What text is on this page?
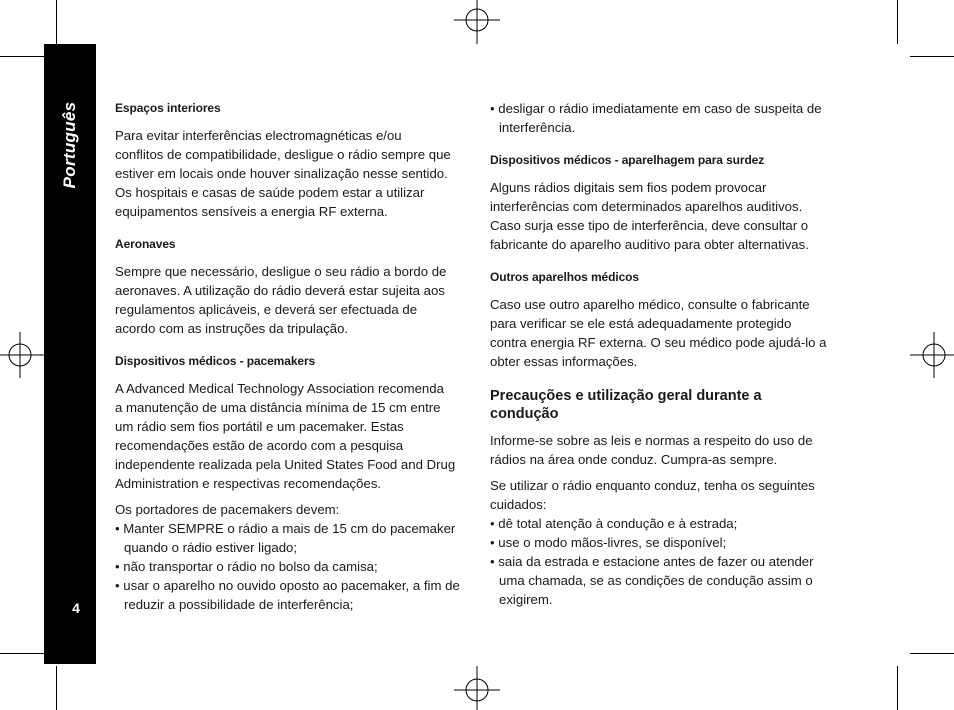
Português
4

Espaços interiores

Para evitar interferências electromagnéticas e/ou

conflitos de compatibilidade, desligue o rádio sempre que

estiver em locais onde houver sinalização nesse sentido.

Os hospitais e casas de saúde podem estar a utilizar

equipamentos sensíveis a energia RF externa.

Aeronaves

Sempre que necessário, desligue o seu rádio a bordo de

aeronaves. A utilização do rádio deverá estar sujeita aos

regulamentos aplicáveis, e deverá ser efectuada de

acordo com as instruções da tripulação.

Dispositivos médicos - pacemakers

A Advanced Medical Technology Association recomenda

a manutenção de uma distância mínima de 15 cm entre

um rádio sem fios portátil e um pacemaker. Estas

recomendações estão de acordo com a pesquisa

independente realizada pela United States Food and Drug

Administration e respectivas recomendações.

Os portadores de pacemakers devem:

• Manter SEMPRE o rádio a mais de 15 cm do pacemaker
quando o rádio estiver ligado;

• não transportar o rádio no bolso da camisa;

• usar o aparelho no ouvido oposto ao pacemaker, a fim de
reduzir a possibilidade de interferência;

• desligar o rádio imediatamente em caso de suspeita de
interferência.

Dispositivos médicos - aparelhagem para surdez

Alguns rádios digitais sem fios podem provocar

interferências com determinados aparelhos auditivos.

Caso surja esse tipo de interferência, deve consultar o

fabricante do aparelho auditivo para obter alternativas.

Outros aparelhos médicos

Caso use outro aparelho médico, consulte o fabricante

para verificar se ele está adequadamente protegido

contra energia RF externa. O seu médico pode ajudá-lo a

obter essas informações.

Precauções e utilização geral durante a
condução

Informe-se sobre as leis e normas a respeito do uso de

rádios na área onde conduz. Cumpra-as sempre.

Se utilizar o rádio enquanto conduz, tenha os seguintes

cuidados:

• dê total atenção à condução e à estrada;

• use o modo mãos-livres, se disponível;

• saia da estrada e estacione antes de fazer ou atender
uma chamada, se as condições de condução assim o
exigirem.
